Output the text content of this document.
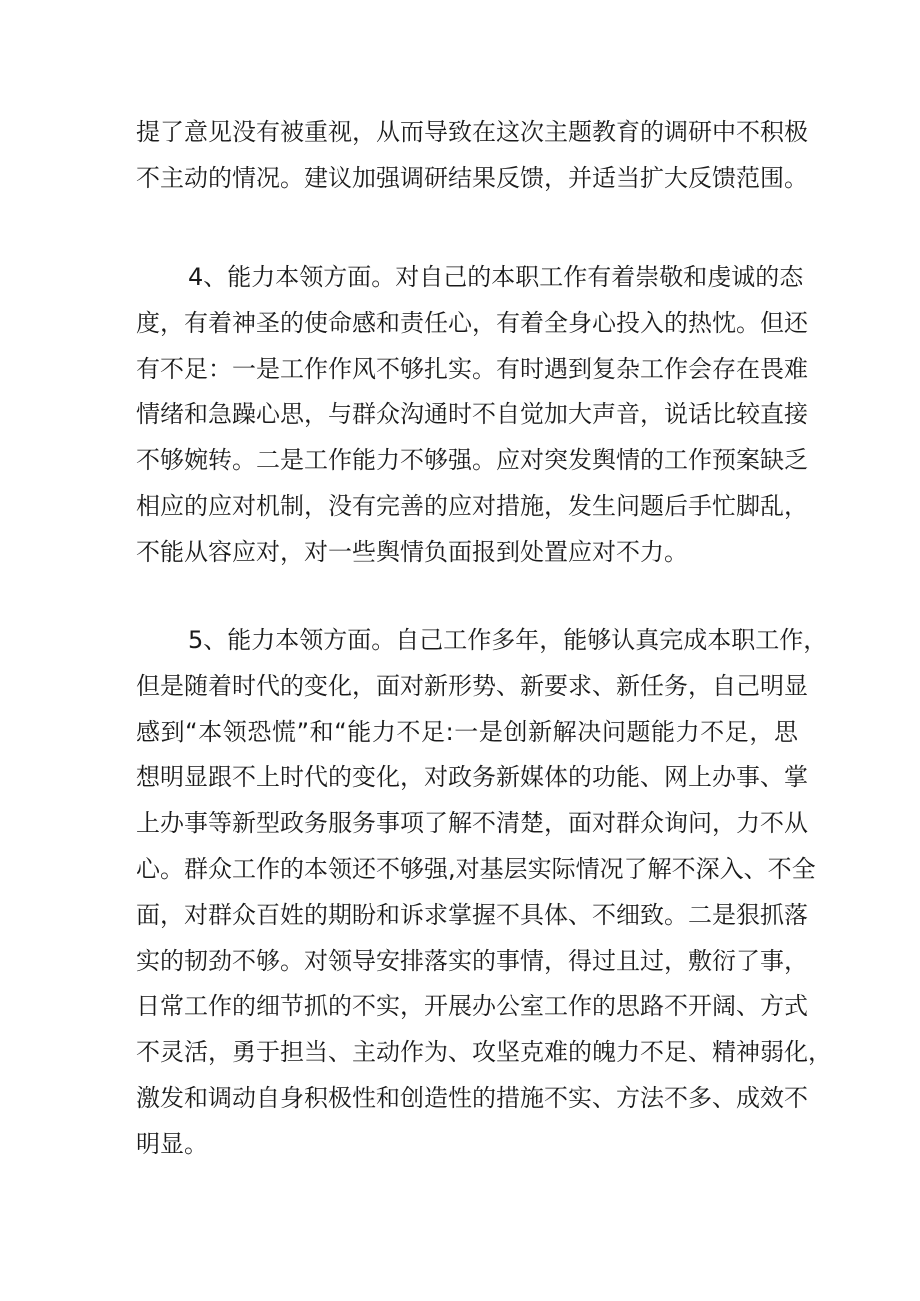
提了意见没有被重视，从而导致在这次主题教育的调研中不积极
不主动的情况。建议加强调研结果反馈，并适当扩大反馈范围。
4、能力本领方面。对自己的本职工作有着崇敬和虔诚的态
度，有着神圣的使命感和责任心，有着全身心投入的热忱。但还
有不足：一是工作作风不够扎实。有时遇到复杂工作会存在畏难
情绪和急躁心思，与群众沟通时不自觉加大声音，说话比较直接
不够婉转。二是工作能力不够强。应对突发舆情的工作预案缺乏
相应的应对机制，没有完善的应对措施，发生问题后手忙脚乱，
不能从容应对，对一些舆情负面报到处置应对不力。
5、能力本领方面。自己工作多年，能够认真完成本职工作，
但是随着时代的变化，面对新形势、新要求、新任务，自己明显
感到“本领恐慌”和“能力不足:一是创新解决问题能力不足，思
想明显跟不上时代的变化，对政务新媒体的功能、网上办事、掌
上办事等新型政务服务事项了解不清楚，面对群众询问，力不从
心。群众工作的本领还不够强,对基层实际情况了解不深入、不全
面，对群众百姓的期盼和诉求掌握不具体、不细致。二是狠抓落
实的韧劲不够。对领导安排落实的事情，得过且过，敷衍了事，
日常工作的细节抓的不实，开展办公室工作的思路不开阔、方式
不灵活，勇于担当、主动作为、攻坚克难的魄力不足、精神弱化，
激发和调动自身积极性和创造性的措施不实、方法不多、成效不
明显。
